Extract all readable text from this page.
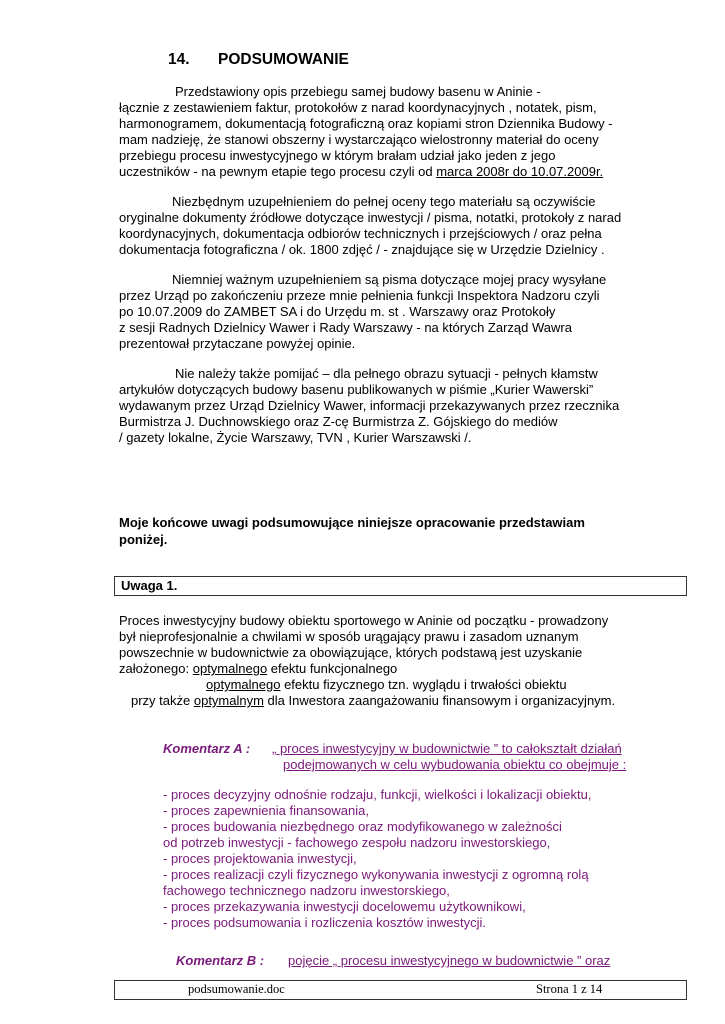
14. PODSUMOWANIE
Przedstawiony opis przebiegu samej budowy basenu w Aninie -
łącznie z zestawieniem faktur, protokołów z narad koordynacyjnych , notatek, pism,
harmonogramem, dokumentacją fotograficzną oraz kopiami stron Dziennika Budowy -
mam nadzieję, że stanowi obszerny i wystarczająco wielostronny materiał do oceny
przebiegu procesu inwestycyjnego w którym brałam udział jako jeden z jego
uczestników - na pewnym etapie tego procesu czyli od marca 2008r do 10.07.2009r.
Niezbędnym uzupełnieniem do pełnej oceny tego materiału są oczywiście
oryginalne dokumenty źródłowe dotyczące inwestycji / pisma, notatki, protokoły z narad
koordynacyjnych, dokumentacja odbiorów technicznych i przejściowych / oraz pełna
dokumentacja fotograficzna / ok. 1800 zdjęć / - znajdujące się w Urzędzie Dzielnicy .
Niemniej ważnym uzupełnieniem są pisma dotyczące mojej pracy wysyłane
przez Urząd po zakończeniu przeze mnie pełnienia funkcji Inspektora Nadzoru czyli
po 10.07.2009 do ZAMBET SA i do Urzędu m. st . Warszawy oraz Protokoły
z sesji Radnych Dzielnicy Wawer i Rady Warszawy - na których Zarząd Wawra
prezentował przytaczane powyżej opinie.
Nie należy także pomijać – dla pełnego obrazu sytuacji - pełnych kłamstw
artykułów dotyczących budowy basenu publikowanych w piśmie „Kurier Wawerski”
wydawanym przez Urząd Dzielnicy Wawer, informacji przekazywanych przez rzecznika
Burmistrza J. Duchnowskiego oraz Z-cę Burmistrza Z. Gójskiego do mediów
/ gazety lokalne, Życie Warszawy, TVN , Kurier Warszawski /.
Moje końcowe uwagi podsumowujące niniejsze opracowanie przedstawiam
poniżej.
Uwaga 1.
Proces inwestycyjny budowy obiektu sportowego w Aninie od początku - prowadzony
był nieprofesjonalnie a chwilami w sposób urągający prawu i zasadom uznanym
powszechnie w budownictwie za obowiązujące, których podstawą jest uzyskanie
założonego: optymalnego efektu funkcjonalnego
optymalnego efektu fizycznego tzn. wyglądu i trwałości obiektu
przy także optymalnym dla Inwestora zaangażowaniu finansowym i organizacyjnym.
Komentarz A : „ proces inwestycyjny w budownictwie ” to całokształt działań
podejmowanych w celu wybudowania obiektu co obejmuje :
- proces decyzyjny odnośnie rodzaju, funkcji, wielkości i lokalizacji obiektu,
- proces zapewnienia finansowania,
- proces budowania niezbędnego oraz modyfikowanego w zależności
od potrzeb inwestycji - fachowego zespołu nadzoru inwestorskiego,
- proces projektowania inwestycji,
- proces realizacji czyli fizycznego wykonywania inwestycji z ogromną rolą
fachowego technicznego nadzoru inwestorskiego,
- proces przekazywania inwestycji docelowemu użytkownikowi,
- proces podsumowania i rozliczenia kosztów inwestycji.
Komentarz B : pojęcie „ procesu inwestycyjnego w budownictwie ” oraz
podsumowanie.doc	Strona 1 z 14
